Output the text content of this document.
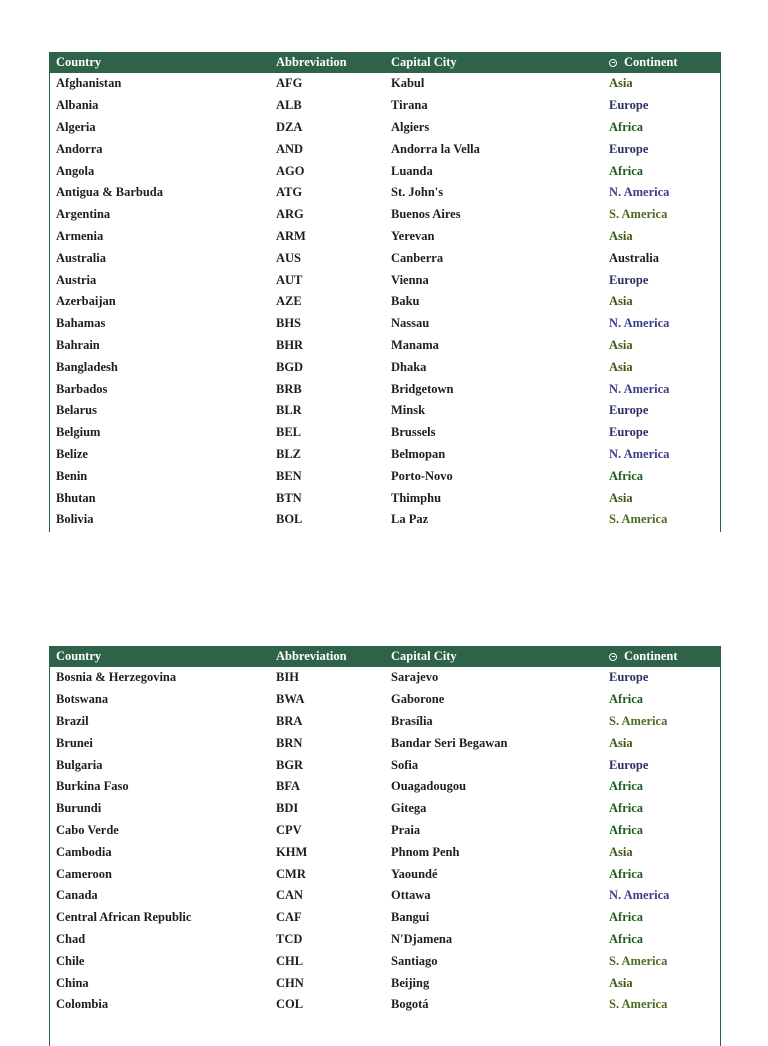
Country	Abbreviation	Capital City	Continent
Afghanistan	AFG	Kabul	Asia
Albania	ALB	Tirana	Europe
Algeria	DZA	Algiers	Africa
Andorra	AND	Andorra la Vella	Europe
Angola	AGO	Luanda	Africa
Antigua & Barbuda	ATG	St. John's	N. America
Argentina	ARG	Buenos Aires	S. America
Armenia	ARM	Yerevan	Asia
Australia	AUS	Canberra	Australia
Austria	AUT	Vienna	Europe
Azerbaijan	AZE	Baku	Asia
Bahamas	BHS	Nassau	N. America
Bahrain	BHR	Manama	Asia
Bangladesh	BGD	Dhaka	Asia
Barbados	BRB	Bridgetown	N. America
Belarus	BLR	Minsk	Europe
Belgium	BEL	Brussels	Europe
Belize	BLZ	Belmopan	N. America
Benin	BEN	Porto-Novo	Africa
Bhutan	BTN	Thimphu	Asia
Bolivia	BOL	La Paz	S. America
Country	Abbreviation	Capital City	Continent
Bosnia & Herzegovina	BIH	Sarajevo	Europe
Botswana	BWA	Gaborone	Africa
Brazil	BRA	Brasília	S. America
Brunei	BRN	Bandar Seri Begawan	Asia
Bulgaria	BGR	Sofia	Europe
Burkina Faso	BFA	Ouagadougou	Africa
Burundi	BDI	Gitega	Africa
Cabo Verde	CPV	Praia	Africa
Cambodia	KHM	Phnom Penh	Asia
Cameroon	CMR	Yaoundé	Africa
Canada	CAN	Ottawa	N. America
Central African Republic	CAF	Bangui	Africa
Chad	TCD	N'Djamena	Africa
Chile	CHL	Santiago	S. America
China	CHN	Beijing	Asia
Colombia	COL	Bogotá	S. America
